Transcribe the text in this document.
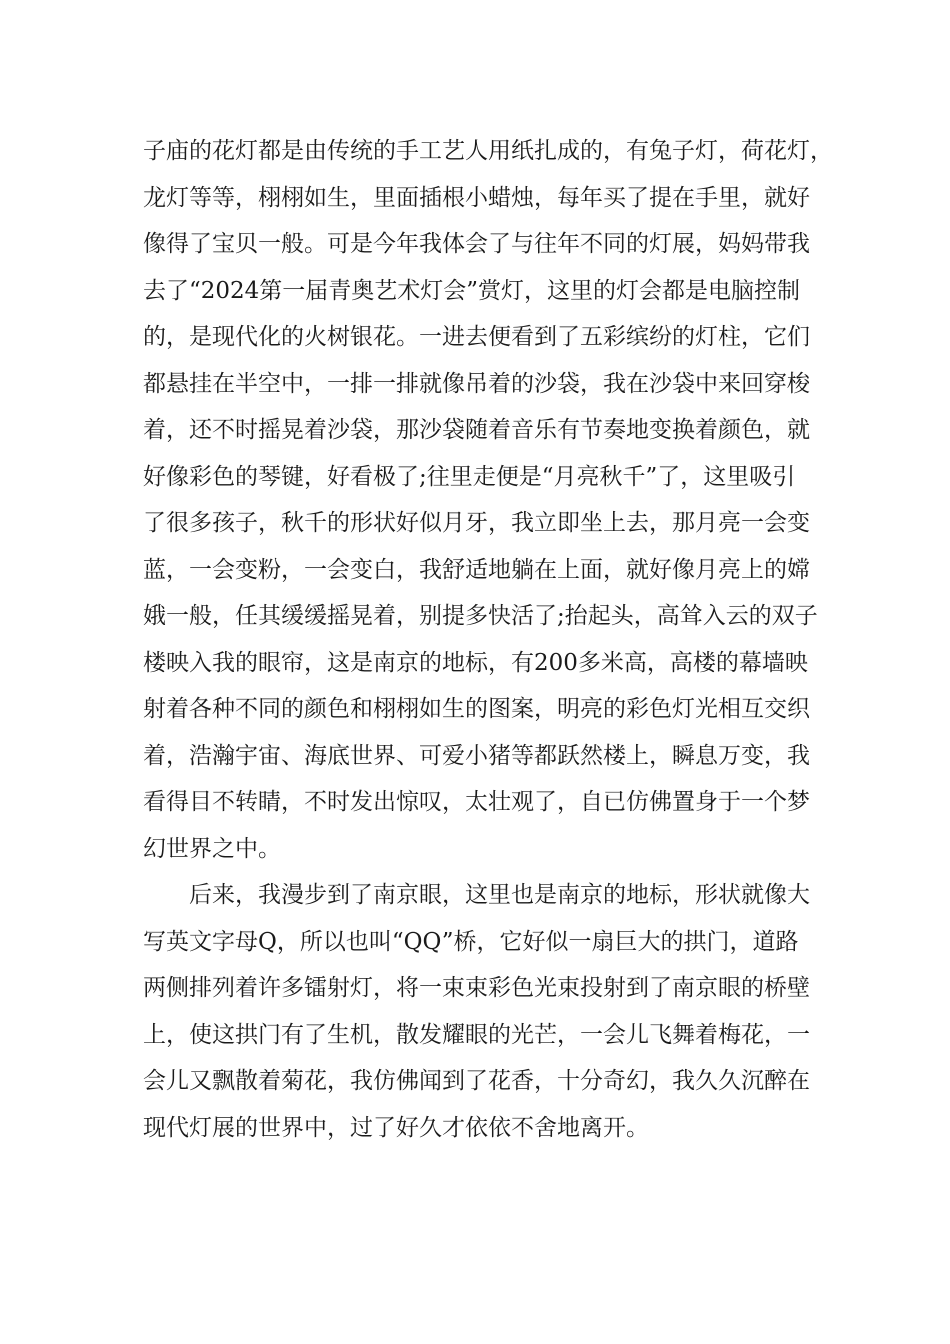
子庙的花灯都是由传统的手工艺人用纸扎成的，有兔子灯，荷花灯，
龙灯等等，栩栩如生，里面插根小蜡烛，每年买了提在手里，就好
像得了宝贝一般。可是今年我体会了与往年不同的灯展，妈妈带我
去了“2024第一届青奥艺术灯会”赏灯，这里的灯会都是电脑控制
的，是现代化的火树银花。一进去便看到了五彩缤纷的灯柱，它们
都悬挂在半空中，一排一排就像吊着的沙袋，我在沙袋中来回穿梭
着，还不时摇晃着沙袋，那沙袋随着音乐有节奏地变换着颜色，就
好像彩色的琴键，好看极了;往里走便是“月亮秋千”了，这里吸引
了很多孩子，秋千的形状好似月牙，我立即坐上去，那月亮一会变
蓝，一会变粉，一会变白，我舒适地躺在上面，就好像月亮上的嫦
娥一般，任其缓缓摇晃着，别提多快活了;抬起头，高耸入云的双子
楼映入我的眼帘，这是南京的地标，有200多米高，高楼的幕墙映
射着各种不同的颜色和栩栩如生的图案，明亮的彩色灯光相互交织
着，浩瀚宇宙、海底世界、可爱小猪等都跃然楼上，瞬息万变，我
看得目不转睛，不时发出惊叹，太壮观了，自已仿佛置身于一个梦
幻世界之中。
后来，我漫步到了南京眼，这里也是南京的地标，形状就像大
写英文字母Q，所以也叫“QQ”桥，它好似一扇巨大的拱门，道路
两侧排列着许多镭射灯，将一束束彩色光束投射到了南京眼的桥壁
上，使这拱门有了生机，散发耀眼的光芒，一会儿飞舞着梅花，一
会儿又飘散着菊花，我仿佛闻到了花香，十分奇幻，我久久沉醉在
现代灯展的世界中，过了好久才依依不舍地离开。
